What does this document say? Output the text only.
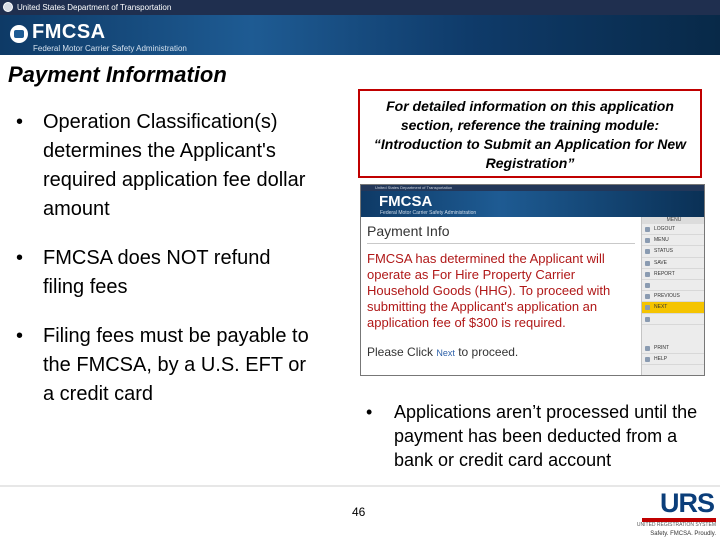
United States Department of Transportation
FMCSA
Federal Motor Carrier Safety Administration
Payment Information
• Operation Classification(s) determines the Applicant's required application fee dollar amount
• FMCSA does NOT refund filing fees
• Filing fees must be payable to the FMCSA, by a U.S. EFT or a credit card
For detailed information on this application section, reference the training module: “Introduction to Submit an Application for New Registration”
United States Department of Transportation
FMCSA
Federal Motor Carrier Safety Administration
Payment Info
FMCSA has determined the Applicant will operate as For Hire Property Carrier Household Goods (HHG). To proceed with submitting the Applicant's application an application fee of $300 is required.
Please Click Next to proceed.
MENU
LOGOUT
MENU
STATUS
SAVE
REPORT
PREVIOUS
NEXT
PRINT
HELP
• Applications aren’t processed until the payment has been deducted from a bank or credit card account
46	URS
UNITED REGISTRATION SYSTEM
Safety. FMCSA. Proudly.
